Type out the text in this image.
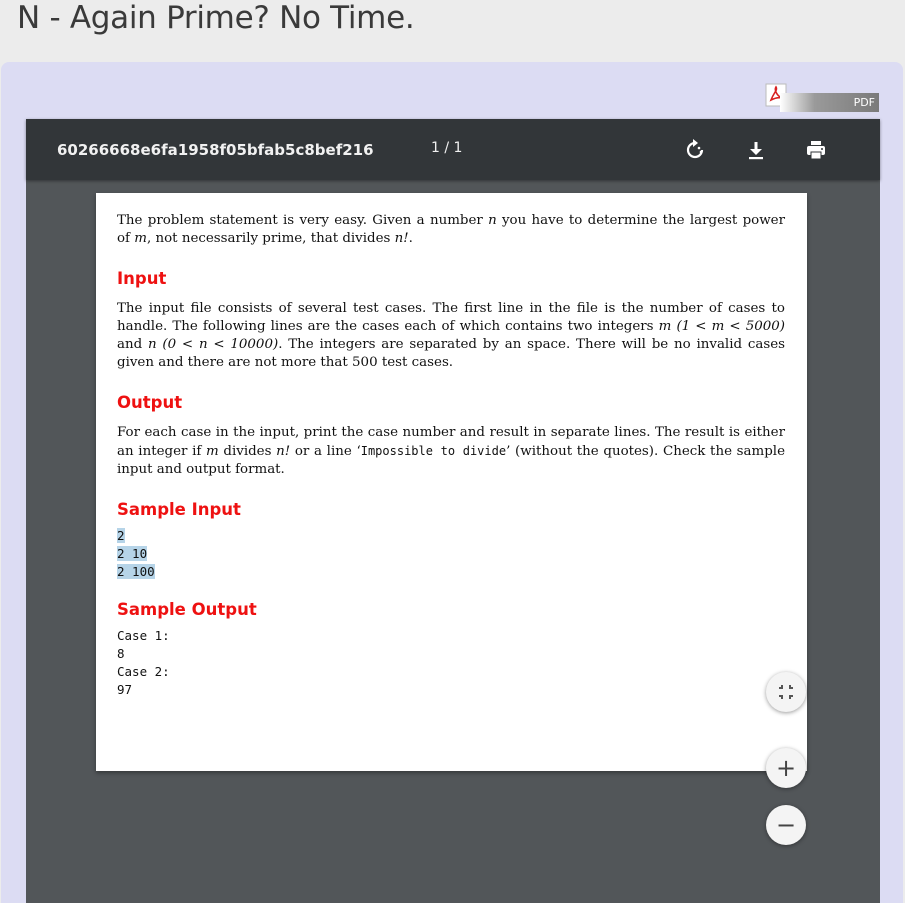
N - Again Prime? No Time.
PDF
60266668e6fa1958f05bfab5c8bef216	1 / 1

The problem statement is very easy. Given a number n you have to determine the largest power of m, not necessarily prime, that divides n!.

Input

The input file consists of several test cases. The first line in the file is the number of cases to handle. The following lines are the cases each of which contains two integers m (1 < m < 5000) and n (0 < n < 10000). The integers are separated by an space. There will be no invalid cases given and there are not more that 500 test cases.

Output

For each case in the input, print the case number and result in separate lines. The result is either an integer if m divides n! or a line ‘Impossible to divide’ (without the quotes). Check the sample input and output format.

Sample Input
2
2 10
2 100
Sample Output
Case 1:
8
Case 2:
97
+
−
